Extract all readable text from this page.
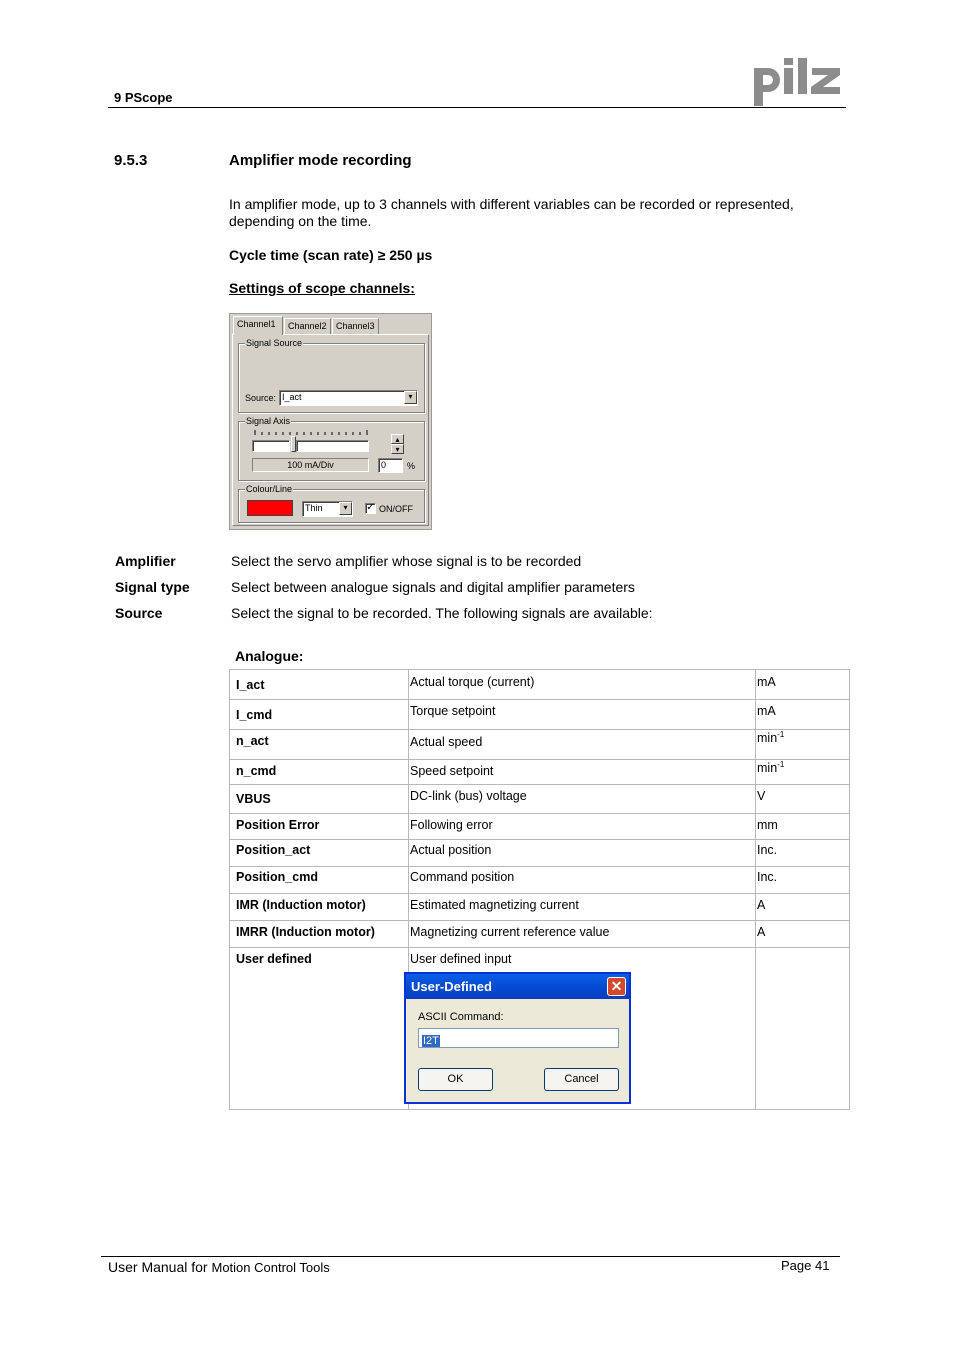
9 PScope
9.5.3	Amplifier mode recording

In amplifier mode, up to 3 channels with different variables can be recorded or represented, depending on the time.

Cycle time (scan rate) ≥ 250 µs
Settings of scope channels:
Channel1	Channel2	Channel3
Signal Source
Source: I_act	▾
Signal Axis
▴
▾
100 mA/Div	0	%
Colour/Line
Thin	▾	✓ ON/OFF
Amplifier	Select the servo amplifier whose signal is to be recorded
Signal type	Select between analogue signals and digital amplifier parameters
Source	Select the signal to be recorded. The following signals are available:
Analogue:
I_act	Actual torque (current)	mA

I_cmd	Torque setpoint	mA

n_act	Actual speed	$\min^{-1}$

n_cmd	Speed setpoint	$\min^{-1}$

VBUS	DC-link (bus) voltage	V

Position Error	Following error	mm

Position_act	Actual position	Inc.

Position_cmd	Command position	Inc.

IMR (Induction motor)	Estimated magnetizing current	A

IMRR (Induction motor)	Magnetizing current reference value	A

User defined	User defined input	

User-Defined	✕
ASCII Command:
I2T
OK	Cancel
User Manual for Motion Control Tools	Page 41
